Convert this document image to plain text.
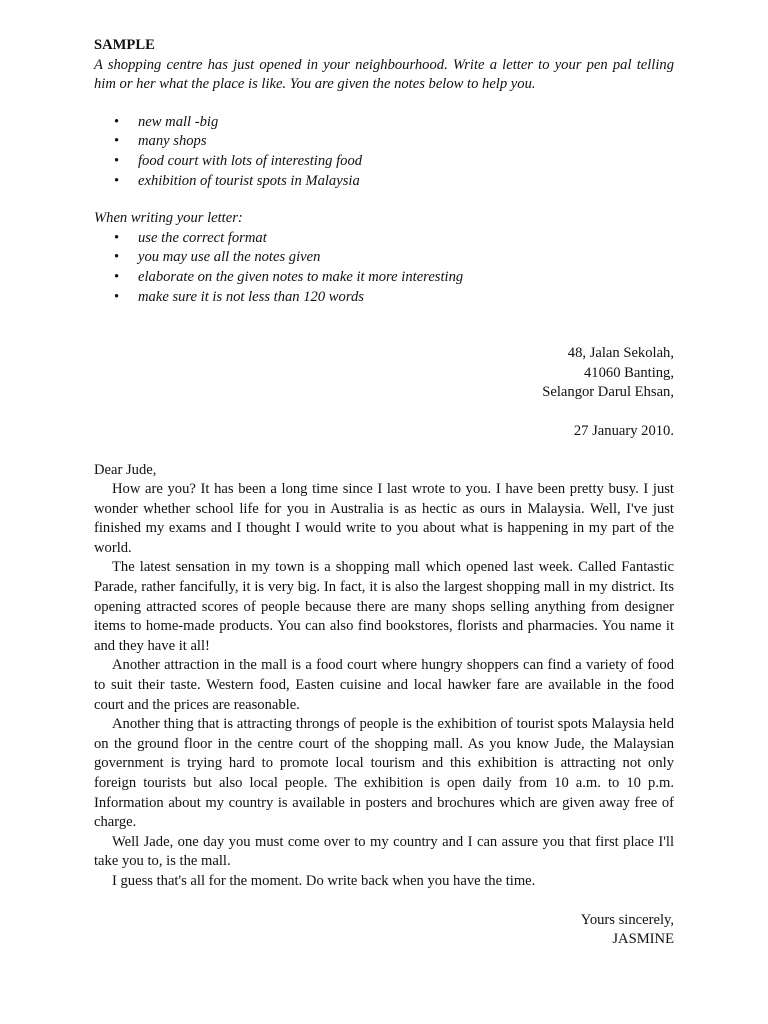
SAMPLE

A shopping centre has just opened in your neighbourhood. Write a letter to your pen pal telling him or her what the place is like. You are given the notes below to help you.

• new mall -big
• many shops
• food court with lots of interesting food
• exhibition of tourist spots in Malaysia

When writing your letter:

• use the correct format
• you may use all the notes given
• elaborate on the given notes to make it more interesting
• make sure it is not less than 120 words
48, Jalan Sekolah,
41060 Banting,
Selangor Darul Ehsan,
27 January 2010.
Dear Jude,

How are you? It has been a long time since I last wrote to you. I have been pretty busy. I just wonder whether school life for you in Australia is as hectic as ours in Malaysia. Well, I've just finished my exams and I thought I would write to you about what is happening in my part of the world.

The latest sensation in my town is a shopping mall which opened last week. Called Fantastic Parade, rather fancifully, it is very big. In fact, it is also the largest shopping mall in my district. Its opening attracted scores of people because there are many shops selling anything from designer items to home-made products. You can also find bookstores, florists and pharmacies. You name it and they have it all!

Another attraction in the mall is a food court where hungry shoppers can find a variety of food to suit their taste. Western food, Easten cuisine and local hawker fare are available in the food court and the prices are reasonable.

Another thing that is attracting throngs of people is the exhibition of tourist spots Malaysia held on the ground floor in the centre court of the shopping mall. As you know Jude, the Malaysian government is trying hard to promote local tourism and this exhibition is attracting not only foreign tourists but also local people. The exhibition is open daily from 10 a.m. to 10 p.m. Information about my country is available in posters and brochures which are given away free of charge.

Well Jade, one day you must come over to my country and I can assure you that first place I'll take you to, is the mall.

I guess that's all for the moment. Do write back when you have the time.

Yours sincerely,
JASMINE
